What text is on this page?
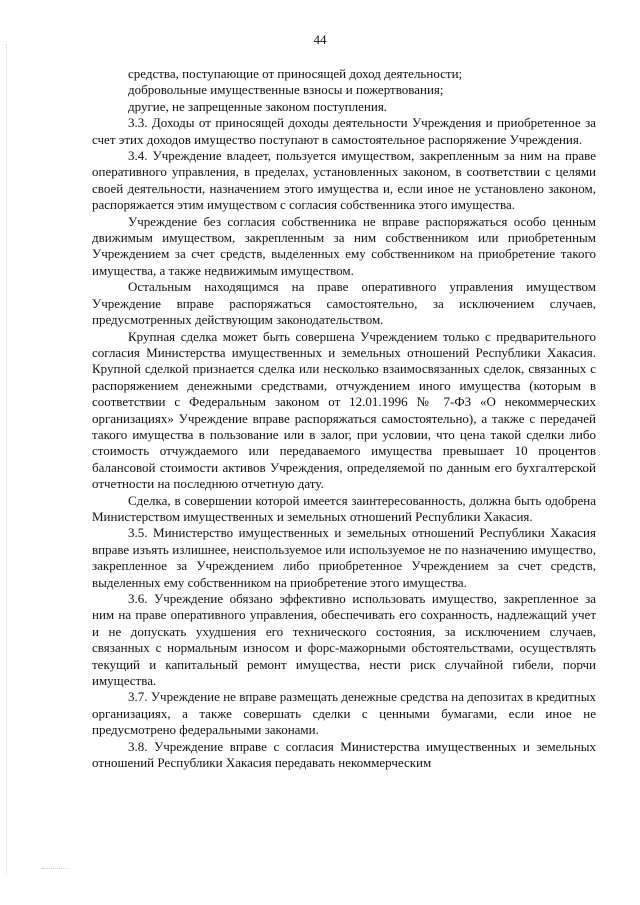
44

средства, поступающие от приносящей доход деятельности;

добровольные имущественные взносы и пожертвования;

другие, не запрещенные законом поступления.

3.3. Доходы от приносящей доходы деятельности Учреждения и приобретенное за счет этих доходов имущество поступают в самостоятельное распоряжение Учреждения.

3.4. Учреждение владеет, пользуется имуществом, закрепленным за ним на праве оперативного управления, в пределах, установленных законом, в соответствии с целями своей деятельности, назначением этого имущества и, если иное не установлено законом, распоряжается этим имуществом с согласия собственника этого имущества.

Учреждение без согласия собственника не вправе распоряжаться особо ценным движимым имуществом, закрепленным за ним собственником или приобретенным Учреждением за счет средств, выделенных ему собственником на приобретение такого имущества, а также недвижимым имуществом.

Остальным находящимся на праве оперативного управления имуществом Учреждение вправе распоряжаться самостоятельно, за исключением случаев, предусмотренных действующим законодательством.

Крупная сделка может быть совершена Учреждением только с предварительного согласия Министерства имущественных и земельных отношений Республики Хакасия. Крупной сделкой признается сделка или несколько взаимосвязанных сделок, связанных с распоряжением денежными средствами, отчуждением иного имущества (которым в соответствии с Федеральным законом от 12.01.1996 № 7-ФЗ «О некоммерческих организациях» Учреждение вправе распоряжаться самостоятельно), а также с передачей такого имущества в пользование или в залог, при условии, что цена такой сделки либо стоимость отчуждаемого или передаваемого имущества превышает 10 процентов балансовой стоимости активов Учреждения, определяемой по данным его бухгалтерской отчетности на последнюю отчетную дату.

Сделка, в совершении которой имеется заинтересованность, должна быть одобрена Министерством имущественных и земельных отношений Республики Хакасия.

3.5. Министерство имущественных и земельных отношений Республики Хакасия вправе изъять излишнее, неиспользуемое или используемое не по назначению имущество, закрепленное за Учреждением либо приобретенное Учреждением за счет средств, выделенных ему собственником на приобретение этого имущества.

3.6. Учреждение обязано эффективно использовать имущество, закрепленное за ним на праве оперативного управления, обеспечивать его сохранность, надлежащий учет и не допускать ухудшения его технического состояния, за исключением случаев, связанных с нормальным износом и форс-мажорными обстоятельствами, осуществлять текущий и капитальный ремонт имущества, нести риск случайной гибели, порчи имущества.

3.7. Учреждение не вправе размещать денежные средства на депозитах в кредитных организациях, а также совершать сделки с ценными бумагами, если иное не предусмотрено федеральными законами.

3.8. Учреждение вправе с согласия Министерства имущественных и земельных отношений Республики Хакасия передавать некоммерческим
